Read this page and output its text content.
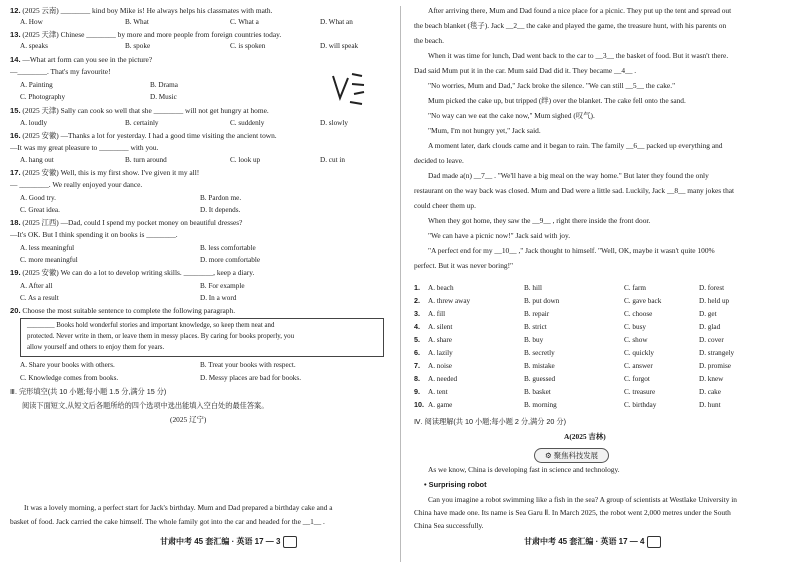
12. (2025 云南) ________ kind boy Mike is! He always helps his classmates with math.
A. How	B. What	C. What a	D. What an
13. (2025 天津) Chinese ________ by more and more people from foreign countries today.
A. speaks	B. spoke	C. is spoken	D. will speak
14. —What art form can you see in the picture?
—________. That's my favourite!
A. Painting	B. Drama
C. Photography	D. Music
15. (2025 天津) Sally can cook so well that she ________ will not get hungry at home.
A. loudly	B. certainly	C. suddenly	D. slowly
16. (2025 安徽) —Thanks a lot for yesterday. I had a good time visiting the ancient town.
—It was my great pleasure to ________ with you.
A. hang out	B. turn around	C. look up	D. cut in
17. (2025 安徽) Well, this is my first show. I've given it my all!
— ________. We really enjoyed your dance.
A. Good try.	B. Pardon me.
C. Great idea.	D. It depends.
18. (2025 江西) —Dad, could I spend my pocket money on beautiful dresses?
—It's OK. But I think spending it on books is ________.
A. less meaningful	B. less comfortable
C. more meaningful	D. more comfortable
19. (2025 安徽) We can do a lot to develop writing skills. ________, keep a diary.
A. After all	B. For example
C. As a result	D. In a word
20. Choose the most suitable sentence to complete the following paragraph.
________ Books hold wonderful stories and important knowledge, so keep them neat and
protected. Never write in them, or leave them in messy places. By caring for books properly, you
allow yourself and others to enjoy them for years.
A. Share your books with others.	B. Treat your books with respect.
C. Knowledge comes from books.	D. Messy places are bad for books.
Ⅲ. 完形填空(共 10 小题;每小题 1.5 分,满分 15 分)
阅读下面短文,从短文后各题所给的四个选项中选出能填入空白处的最佳答案。
(2025 辽宁)
It was a lovely morning, a perfect start for Jack's birthday. Mum and Dad prepared a birthday cake and a
basket of food. Jack carried the cake himself. The whole family got into the car and headed for the __1__ .
甘肃中考 45 套汇编 · 英语 17 — 3
After arriving there, Mum and Dad found a nice place for a picnic. They put up the tent and spread out
the beach blanket (毯子). Jack __2__ the cake and played the game, the treasure hunt, with his parents on
the beach.
When it was time for lunch, Dad went back to the car to __3__ the basket of food. But it wasn't there.
Dad said Mum put it in the car. Mum said Dad did it. They became __4__ .
"No worries, Mum and Dad," Jack broke the silence. "We can still __5__ the cake."
Mum picked the cake up, but tripped (绊) over the blanket. The cake fell onto the sand.
"No way can we eat the cake now," Mum sighed (叹气).
"Mum, I'm not hungry yet," Jack said.
A moment later, dark clouds came and it began to rain. The family __6__ packed up everything and
decided to leave.
Dad made a(n) __7__ . "We'll have a big meal on the way home." But later they found the only
restaurant on the way back was closed. Mum and Dad were a little sad. Luckily, Jack __8__ many jokes that
could cheer them up.
When they got home, they saw the __9__ , right there inside the front door.
"We can have a picnic now!" Jack said with joy.
"A perfect end for my __10__ ," Jack thought to himself. "Well, OK, maybe it wasn't quite 100%
perfect. But it was never boring!"
1. A. beach	B. hill	C. farm	D. forest
2. A. threw away	B. put down	C. gave back	D. held up
3. A. fill	B. repair	C. choose	D. get
4. A. silent	B. strict	C. busy	D. glad
5. A. share	B. buy	C. show	D. cover
6. A. lazily	B. secretly	C. quickly	D. strangely
7. A. noise	B. mistake	C. answer	D. promise
8. A. needed	B. guessed	C. forgot	D. knew
9. A. tent	B. basket	C. treasure	D. cake
10. A. game	B. morning	C. birthday	D. hunt
Ⅳ. 阅读理解(共 10 小题;每小题 2 分,满分 20 分)
A(2025 吉林)
⚙ 聚焦科技发展
As we know, China is developing fast in science and technology.
• Surprising robot
Can you imagine a robot swimming like a fish in the sea? A group of scientists at Westlake University in
China have made one. Its name is Sea Garu Ⅱ. In March 2025, the robot went 2,000 metres under the South
China Sea successfully.
甘肃中考 45 套汇编 · 英语 17 — 4
